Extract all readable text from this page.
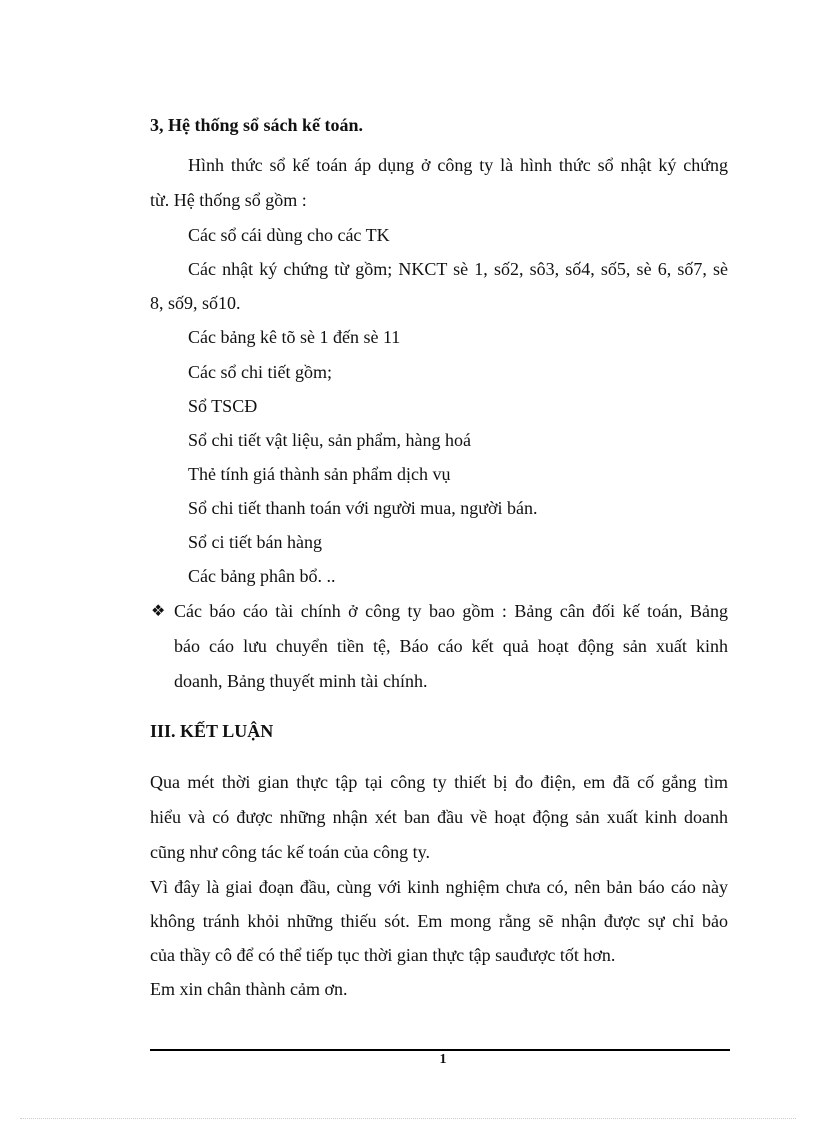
3, Hệ thống sổ sách kế toán.
Hình thức sổ kế toán áp dụng ở công ty là hình thức sổ nhật ký chứng
từ. Hệ thống sổ gồm :
Các sổ cái dùng cho các TK
Các nhật ký chứng từ gồm; NKCT sè 1, số2, sô3, số4, số5, sè 6, số7, sè
8, số9, số10.
Các bảng kê tõ sè 1 đến sè 11
Các sổ chi tiết gồm;
Sổ TSCĐ
Sổ chi tiết vật liệu, sản phẩm, hàng hoá
Thẻ tính giá thành sản phẩm dịch vụ
Sổ chi tiết thanh toán với người mua, người bán.
Sổ ci tiết bán hàng
Các bảng phân bổ. ..
❖ Các báo cáo tài chính ở công ty bao gồm : Bảng cân đối kế toán, Bảng
báo cáo lưu chuyển tiền tệ, Báo cáo kết quả hoạt động sản xuất kinh
doanh, Bảng thuyết minh tài chính.
III. KẾT LUẬN
Qua mét thời gian thực tập tại công ty thiết bị đo điện, em đã cố gắng tìm
hiểu và có được những nhận xét ban đầu về hoạt động sản xuất kinh doanh
cũng như công tác kế toán của công ty.
Vì đây là giai đoạn đầu, cùng với kinh nghiệm chưa có, nên bản báo cáo này
không tránh khỏi những thiếu sót. Em mong rằng sẽ nhận được sự chỉ bảo
của thầy cô để có thể tiếp tục thời gian thực tập sauđược tốt hơn.
Em xin chân thành cảm ơn.
1
